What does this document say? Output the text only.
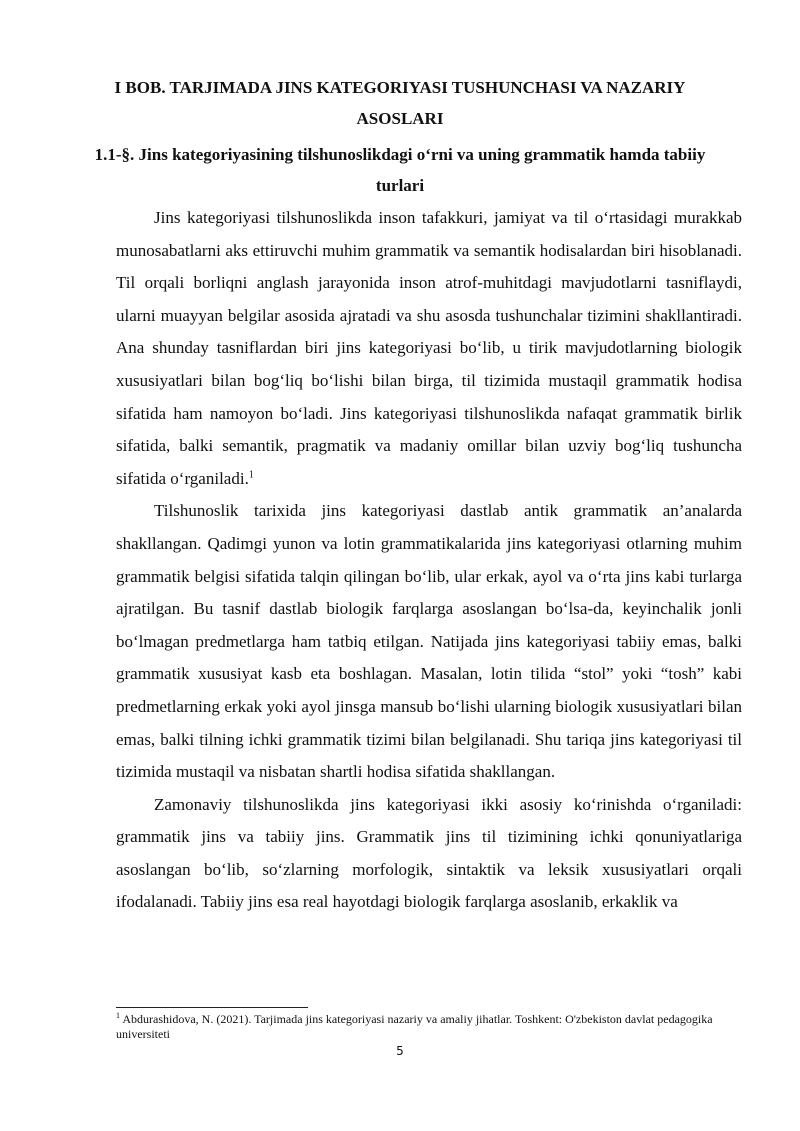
I BOB. TARJIMADA JINS KATEGORIYASI TUSHUNCHASI VA NAZARIY ASOSLARI
1.1-§. Jins kategoriyasining tilshunoslikdagi o‘rni va uning grammatik hamda tabiiy turlari

Jins kategoriyasi tilshunoslikda inson tafakkuri, jamiyat va til o‘rtasidagi murakkab munosabatlarni aks ettiruvchi muhim grammatik va semantik hodisalardan biri hisoblanadi. Til orqali borliqni anglash jarayonida inson atrof-muhitdagi mavjudotlarni tasniflaydi, ularni muayyan belgilar asosida ajratadi va shu asosda tushunchalar tizimini shakllantiradi. Ana shunday tasniflardan biri jins kategoriyasi bo‘lib, u tirik mavjudotlarning biologik xususiyatlari bilan bog‘liq bo‘lishi bilan birga, til tizimida mustaqil grammatik hodisa sifatida ham namoyon bo‘ladi. Jins kategoriyasi tilshunoslikda nafaqat grammatik birlik sifatida, balki semantik, pragmatik va madaniy omillar bilan uzviy bog‘liq tushuncha sifatida o‘rganiladi.$^1$

Tilshunoslik tarixida jins kategoriyasi dastlab antik grammatik an’analarda shakllangan. Qadimgi yunon va lotin grammatikalarida jins kategoriyasi otlarning muhim grammatik belgisi sifatida talqin qilingan bo‘lib, ular erkak, ayol va o‘rta jins kabi turlarga ajratilgan. Bu tasnif dastlab biologik farqlarga asoslangan bo‘lsa-da, keyinchalik jonli bo‘lmagan predmetlarga ham tatbiq etilgan. Natijada jins kategoriyasi tabiiy emas, balki grammatik xususiyat kasb eta boshlagan. Masalan, lotin tilida “stol” yoki “tosh” kabi predmetlarning erkak yoki ayol jinsga mansub bo‘lishi ularning biologik xususiyatlari bilan emas, balki tilning ichki grammatik tizimi bilan belgilanadi. Shu tariqa jins kategoriyasi til tizimida mustaqil va nisbatan shartli hodisa sifatida shakllangan.

Zamonaviy tilshunoslikda jins kategoriyasi ikki asosiy ko‘rinishda o‘rganiladi: grammatik jins va tabiiy jins. Grammatik jins til tizimining ichki qonuniyatlariga asoslangan bo‘lib, so‘zlarning morfologik, sintaktik va leksik xususiyatlari orqali ifodalanadi. Tabiiy jins esa real hayotdagi biologik farqlarga asoslanib, erkaklik va

$^1$ Abdurashidova, N. (2021). Tarjimada jins kategoriyasi nazariy va amaliy jihatlar. Toshkent: O'zbekiston davlat pedagogika universiteti
5
